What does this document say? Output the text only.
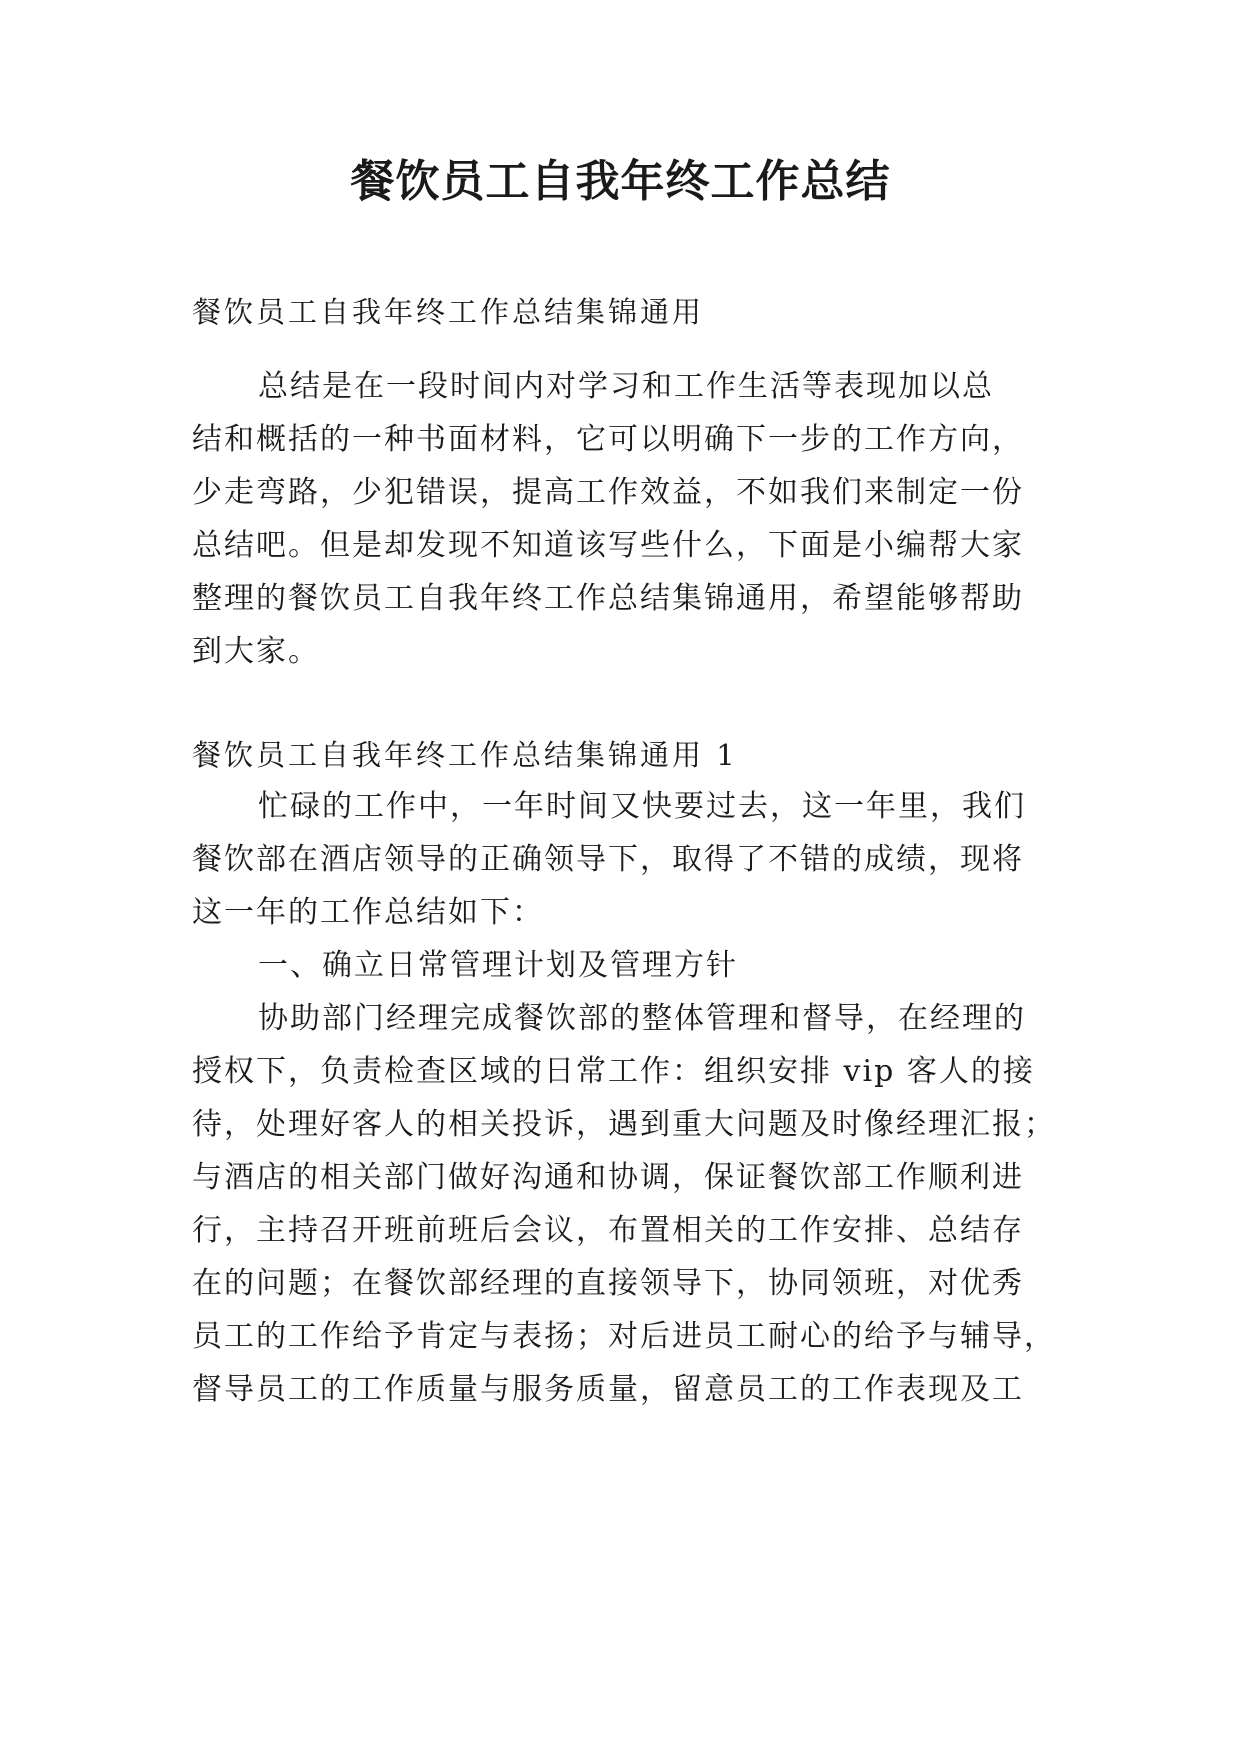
餐饮员工自我年终工作总结
餐饮员工自我年终工作总结集锦通用
总结是在一段时间内对学习和工作生活等表现加以总
结和概括的一种书面材料，它可以明确下一步的工作方向，
少走弯路，少犯错误，提高工作效益，不如我们来制定一份
总结吧。但是却发现不知道该写些什么，下面是小编帮大家
整理的餐饮员工自我年终工作总结集锦通用，希望能够帮助
到大家。
餐饮员工自我年终工作总结集锦通用 1
忙碌的工作中，一年时间又快要过去，这一年里，我们
餐饮部在酒店领导的正确领导下，取得了不错的成绩，现将
这一年的工作总结如下：
一、确立日常管理计划及管理方针
协助部门经理完成餐饮部的整体管理和督导，在经理的
授权下，负责检查区域的日常工作：组织安排 vip 客人的接
待，处理好客人的相关投诉，遇到重大问题及时像经理汇报；
与酒店的相关部门做好沟通和协调，保证餐饮部工作顺利进
行，主持召开班前班后会议，布置相关的工作安排、总结存
在的问题；在餐饮部经理的直接领导下，协同领班，对优秀
员工的工作给予肯定与表扬；对后进员工耐心的给予与辅导，
督导员工的工作质量与服务质量，留意员工的工作表现及工
